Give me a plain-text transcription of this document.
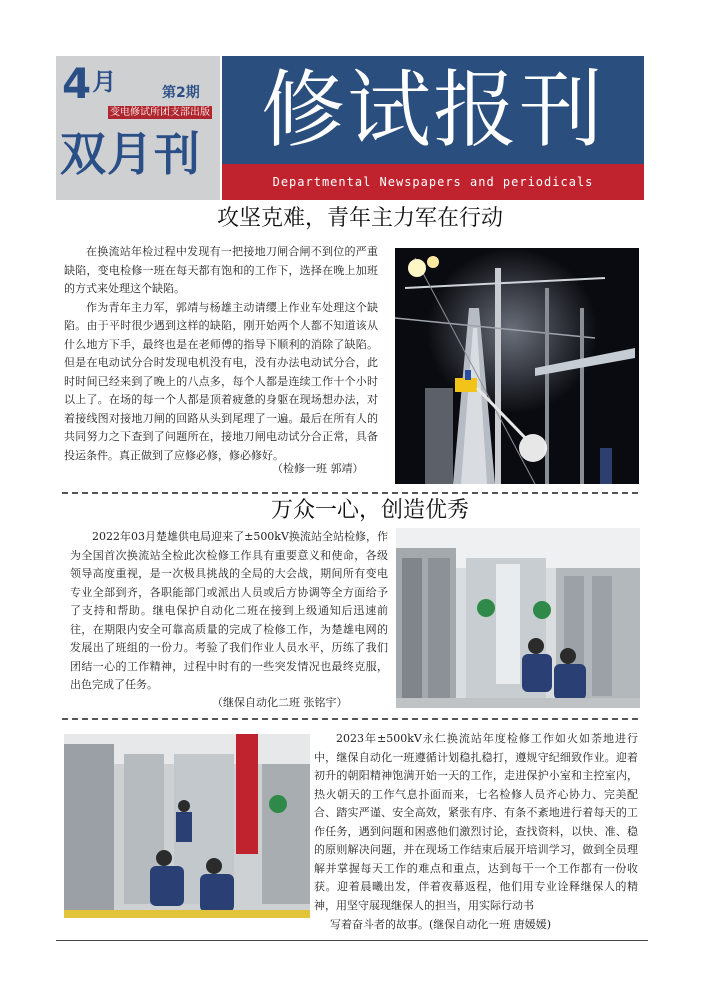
4月	第2期
变电修试所团支部出版
双月刊 修试报刊
Departmental Newspapers and periodicals
攻坚克难，青年主力军在行动

在换流站年检过程中发现有一把接地刀闸合闸不到位的严重缺陷，变电检修一班在每天都有饱和的工作下，选择在晚上加班的方式来处理这个缺陷。

作为青年主力军，郭靖与杨雄主动请缨上作业车处理这个缺陷。由于平时很少遇到这样的缺陷，刚开始两个人都不知道该从什么地方下手，最终也是在老师傅的指导下顺利的消除了缺陷。但是在电动试分合时发现电机没有电，没有办法电动试分合，此时时间已经来到了晚上的八点多，每个人都是连续工作十个小时以上了。在场的每一个人都是顶着疲惫的身躯在现场想办法，对着接线图对接地刀闸的回路从头到尾理了一遍。最后在所有人的共同努力之下查到了问题所在，接地刀闸电动试分合正常，具备投运条件。真正做到了应修必修，修必修好。

（检修一班 郭靖）
万众一心，创造优秀

2022年03月楚雄供电局迎来了±500kV换流站全站检修，作为全国首次换流站全检此次检修工作具有重要意义和使命，各级领导高度重视，是一次极具挑战的全局的大会战，期间所有变电专业全部到齐，各职能部门或派出人员或后方协调等全方面给予了支持和帮助。继电保护自动化二班在接到上级通知后迅速前往，在期限内安全可靠高质量的完成了检修工作，为楚雄电网的发展出了班组的一份力。考验了我们作业人员水平，历练了我们团结一心的工作精神，过程中时有的一些突发情况也最终克服，出色完成了任务。

（继保自动化二班 张铭宇）

2023年±500kV永仁换流站年度检修工作如火如荼地进行中，继保自动化一班遵循计划稳扎稳打，遵规守纪细致作业。迎着初升的朝阳精神饱满开始一天的工作，走进保护小室和主控室内，热火朝天的工作气息扑面而来，七名检修人员齐心协力、完美配合、踏实严谨、安全高效，紧张有序、有条不紊地进行着每天的工作任务，遇到问题和困惑他们激烈讨论，查找资料，以快、准、稳的原则解决问题，并在现场工作结束后展开培训学习，做到全员理解并掌握每天工作的难点和重点，达到每干一个工作都有一份收获。迎着晨曦出发，伴着夜幕返程，他们用专业诠释继保人的精神，用坚守展现继保人的担当，用实际行动书

写着奋斗者的故事。(继保自动化一班 唐媛媛)
